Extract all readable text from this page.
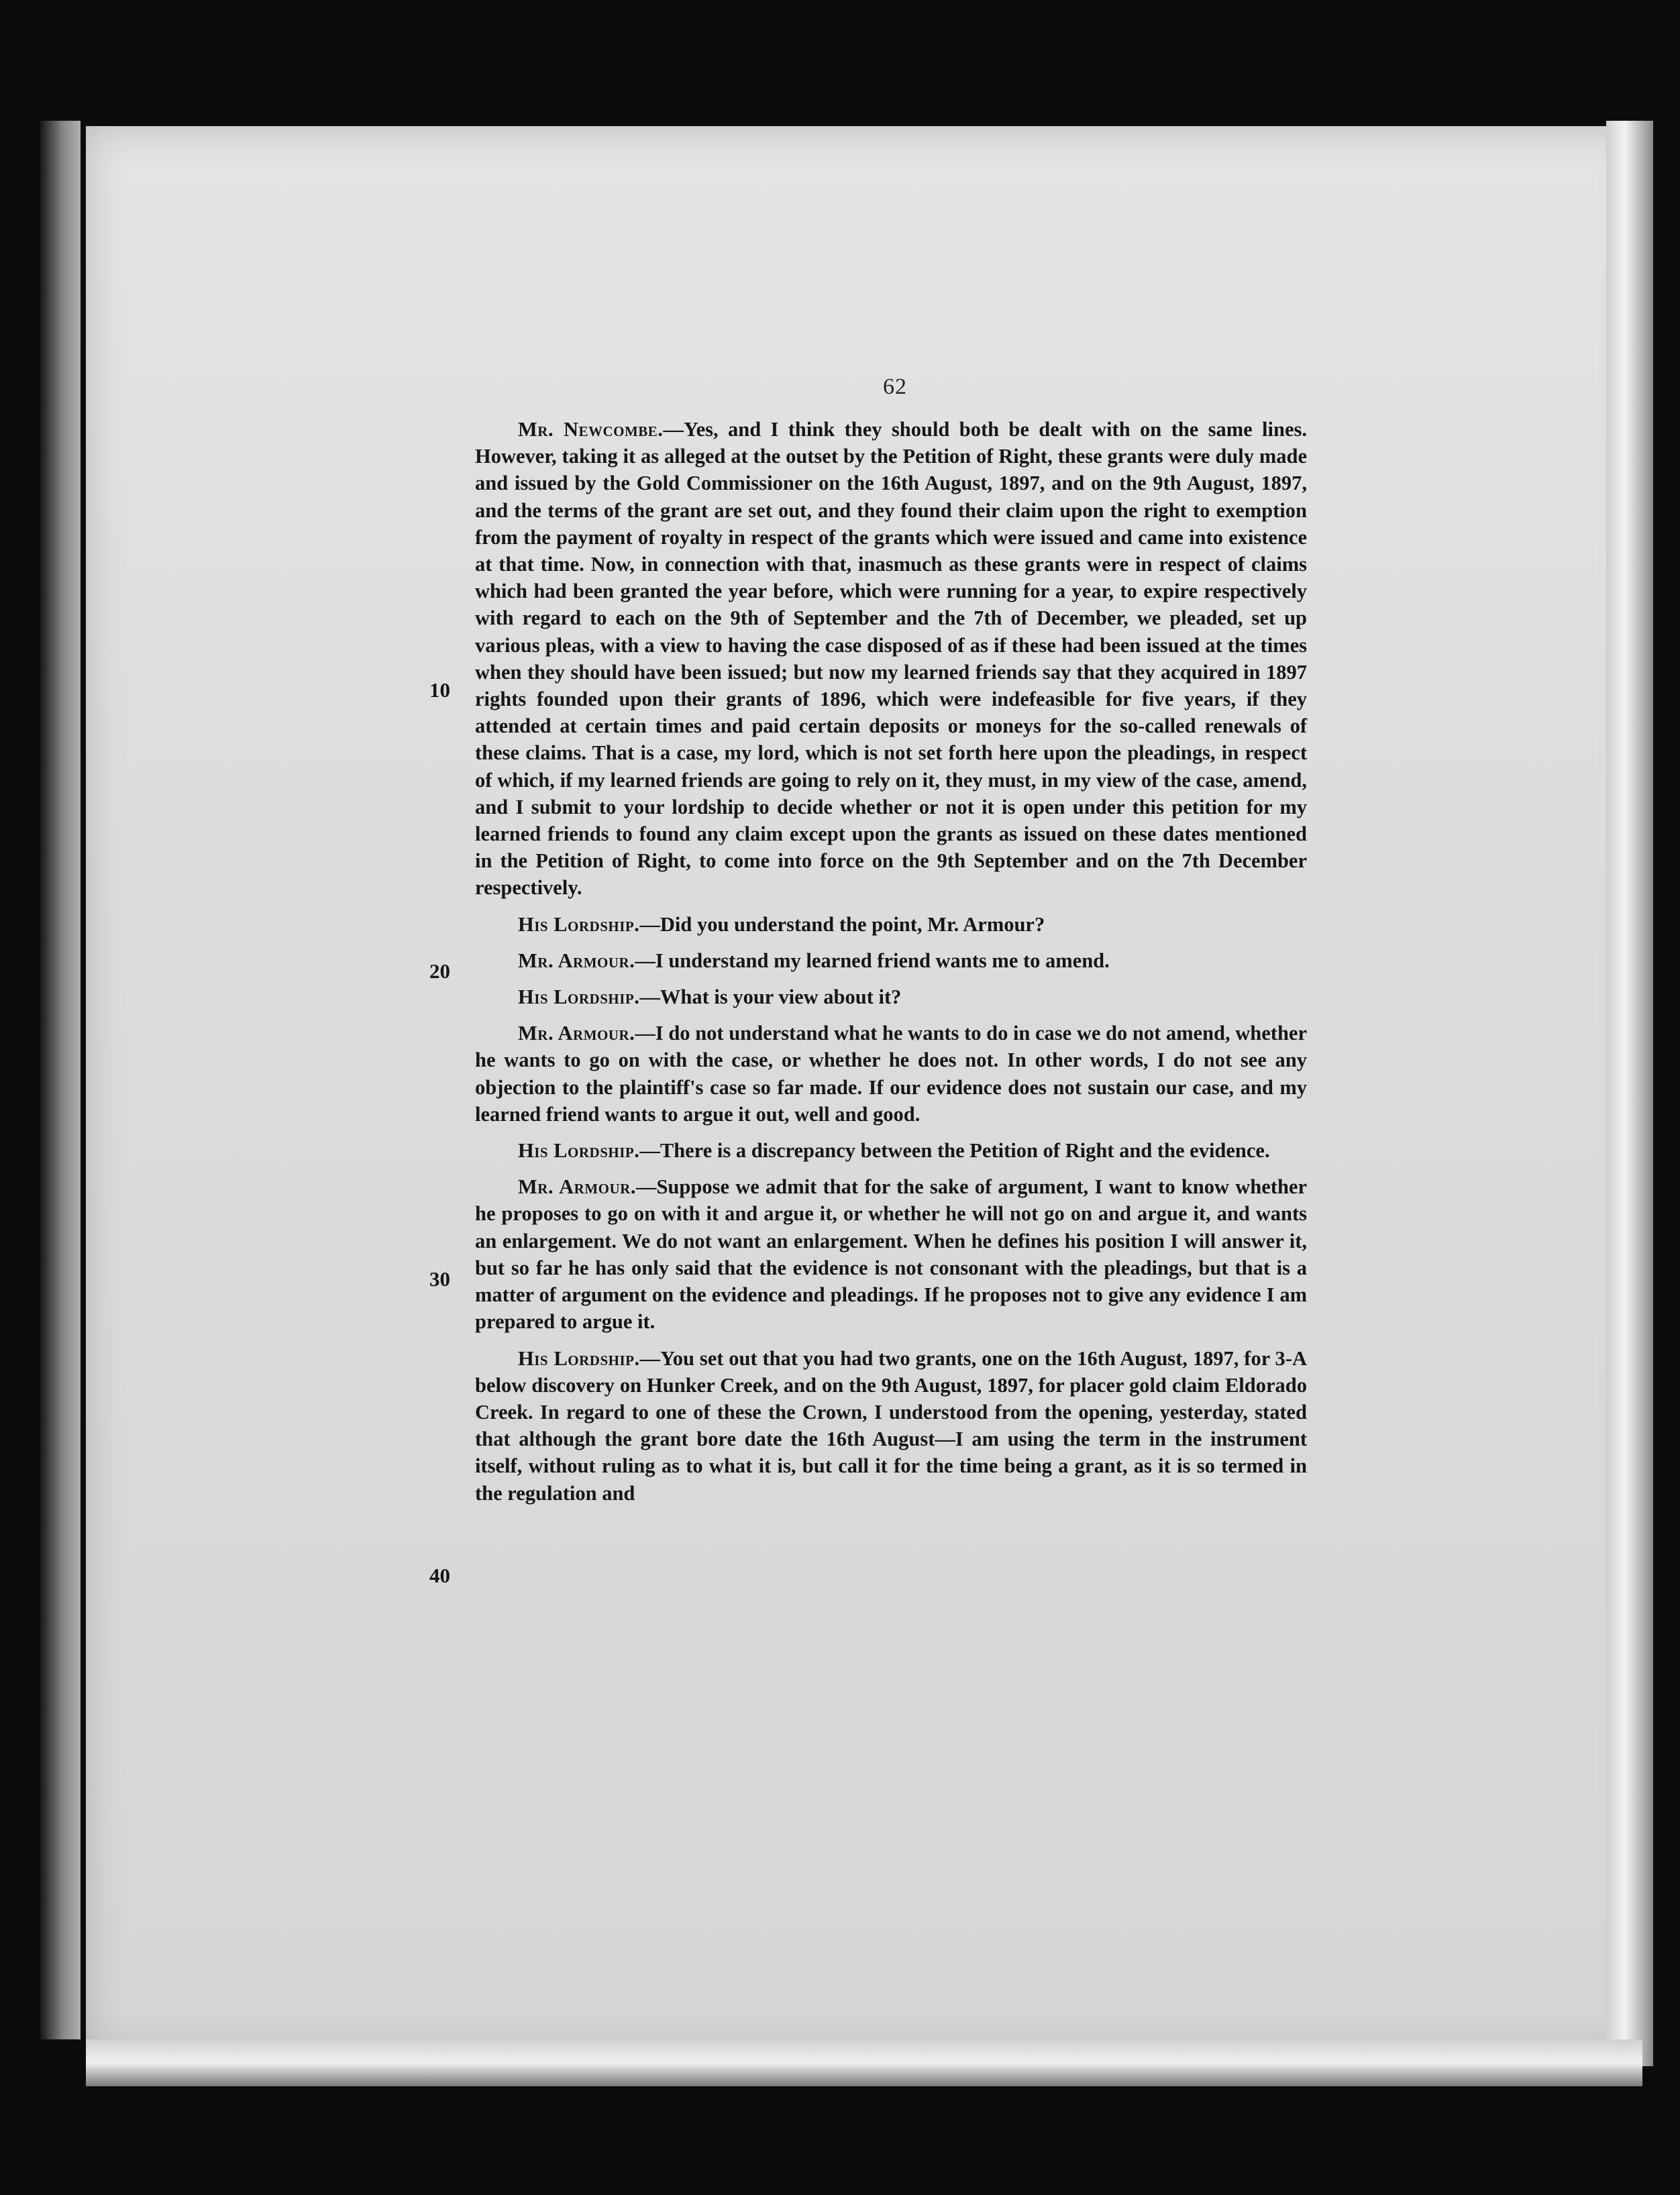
62
10
20
30
40

Mr. Newcombe.—Yes, and I think they should both be dealt with on the same lines. However, taking it as alleged at the outset by the Petition of Right, these grants were duly made and issued by the Gold Commissioner on the 16th August, 1897, and on the 9th August, 1897, and the terms of the grant are set out, and they found their claim upon the right to exemption from the payment of royalty in respect of the grants which were issued and came into existence at that time. Now, in connection with that, inasmuch as these grants were in respect of claims which had been granted the year before, which were running for a year, to expire respectively with regard to each on the 9th of September and the 7th of December, we pleaded, set up various pleas, with a view to having the case disposed of as if these had been issued at the times when they should have been issued; but now my learned friends say that they acquired in 1897 rights founded upon their grants of 1896, which were indefeasible for five years, if they attended at certain times and paid certain deposits or moneys for the so-called renewals of these claims. That is a case, my lord, which is not set forth here upon the pleadings, in respect of which, if my learned friends are going to rely on it, they must, in my view of the case, amend, and I submit to your lordship to decide whether or not it is open under this petition for my learned friends to found any claim except upon the grants as issued on these dates mentioned in the Petition of Right, to come into force on the 9th September and on the 7th December respectively.

His Lordship.—Did you understand the point, Mr. Armour?

Mr. Armour.—I understand my learned friend wants me to amend.

His Lordship.—What is your view about it?

Mr. Armour.—I do not understand what he wants to do in case we do not amend, whether he wants to go on with the case, or whether he does not. In other words, I do not see any objection to the plaintiff's case so far made. If our evidence does not sustain our case, and my learned friend wants to argue it out, well and good.

His Lordship.—There is a discrepancy between the Petition of Right and the evidence.

Mr. Armour.—Suppose we admit that for the sake of argument, I want to know whether he proposes to go on with it and argue it, or whether he will not go on and argue it, and wants an enlargement. We do not want an enlargement. When he defines his position I will answer it, but so far he has only said that the evidence is not consonant with the pleadings, but that is a matter of argument on the evidence and pleadings. If he proposes not to give any evidence I am prepared to argue it.

His Lordship.—You set out that you had two grants, one on the 16th August, 1897, for 3-A below discovery on Hunker Creek, and on the 9th August, 1897, for placer gold claim Eldorado Creek. In regard to one of these the Crown, I understood from the opening, yesterday, stated that although the grant bore date the 16th August—I am using the term in the instrument itself, without ruling as to what it is, but call it for the time being a grant, as it is so termed in the regulation and
